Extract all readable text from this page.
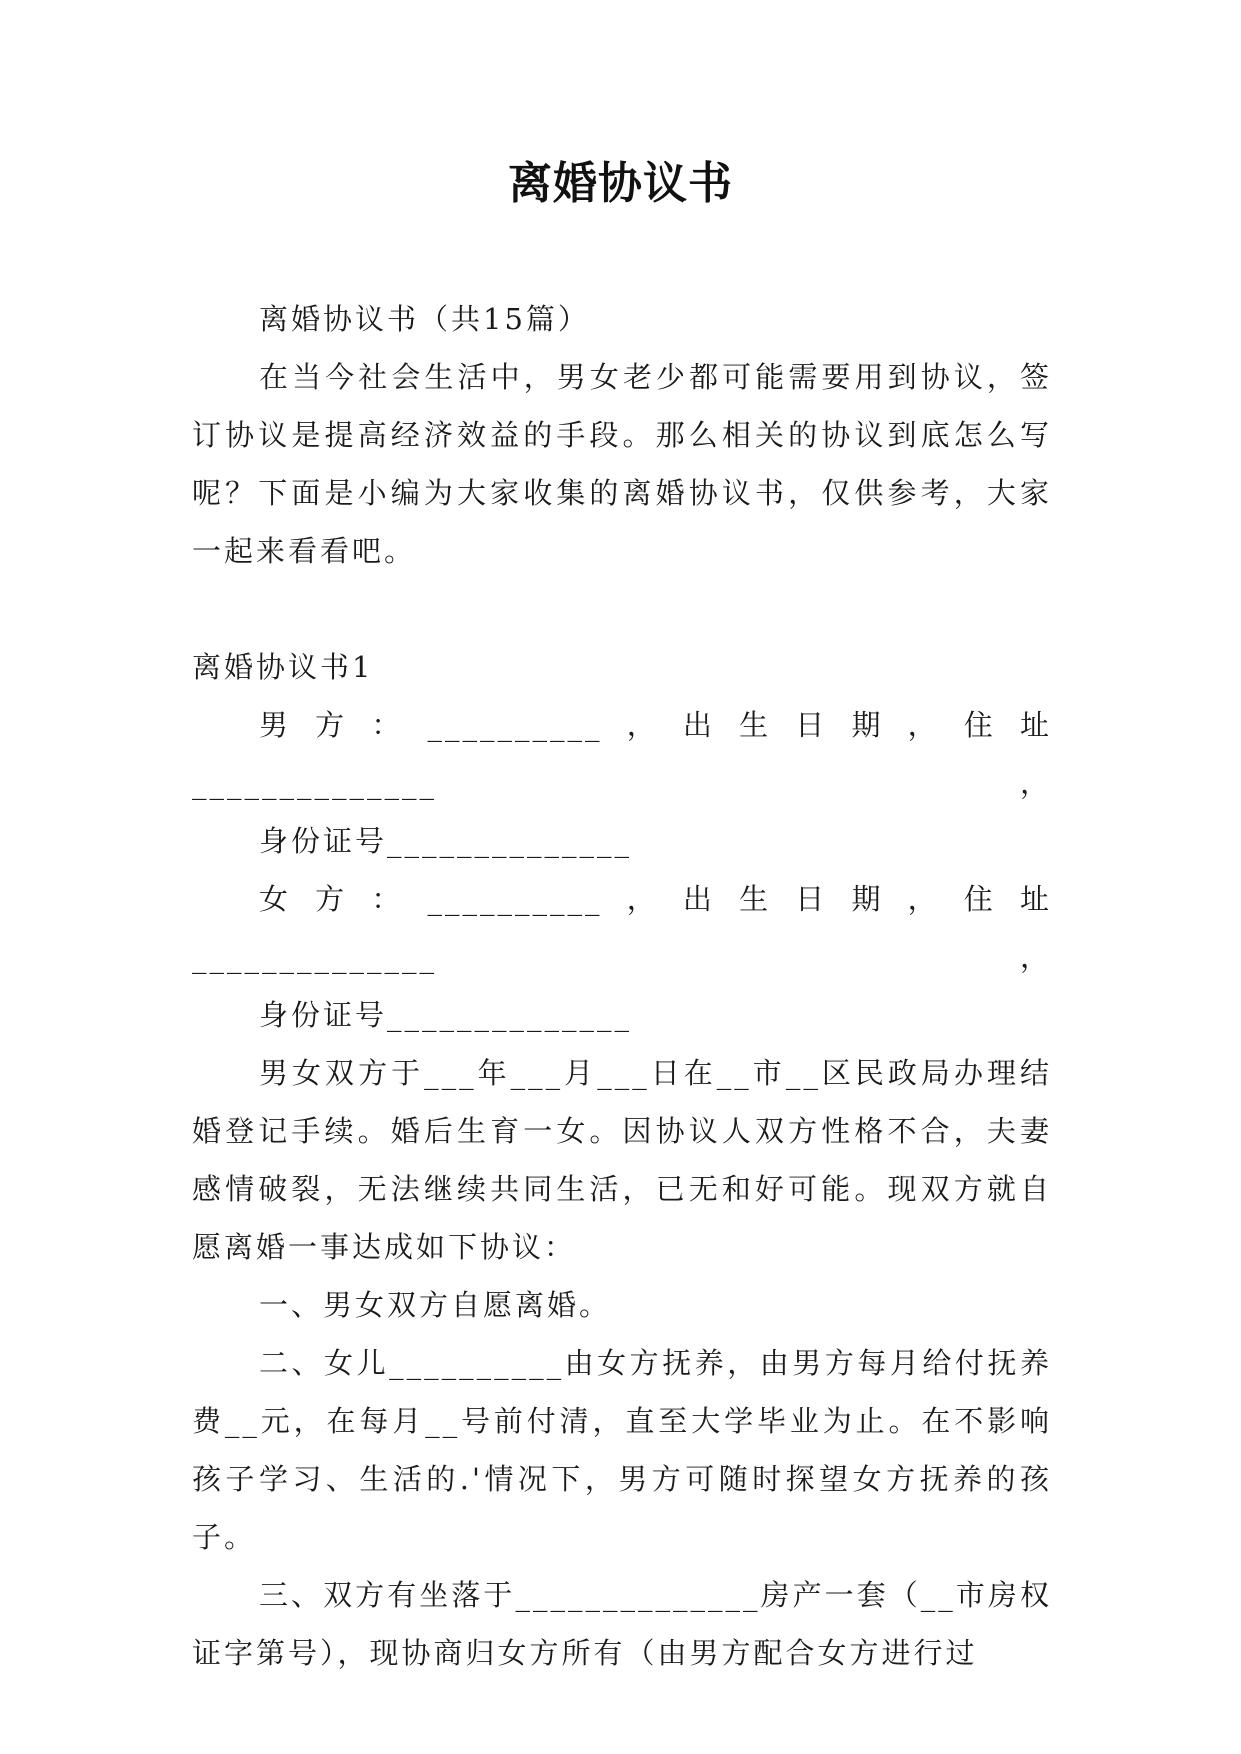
离婚协议书

离婚协议书（共15篇）

在当今社会生活中，男女老少都可能需要用到协议，签订协议是提高经济效益的手段。那么相关的协议到底怎么写呢？下面是小编为大家收集的离婚协议书，仅供参考，大家一起来看看吧。

离婚协议书1

男方：__________，出生日期，住址______________，

身份证号______________

女方：__________，出生日期，住址______________，

身份证号______________

男女双方于___年___月___日在__市__区民政局办理结婚登记手续。婚后生育一女。因协议人双方性格不合，夫妻感情破裂，无法继续共同生活，已无和好可能。现双方就自愿离婚一事达成如下协议：

一、男女双方自愿离婚。

二、女儿__________由女方抚养，由男方每月给付抚养费__元，在每月__号前付清，直至大学毕业为止。在不影响孩子学习、生活的.'情况下，男方可随时探望女方抚养的孩子。

三、双方有坐落于______________房产一套（__市房权证字第号），现协商归女方所有（由男方配合女方进行过
